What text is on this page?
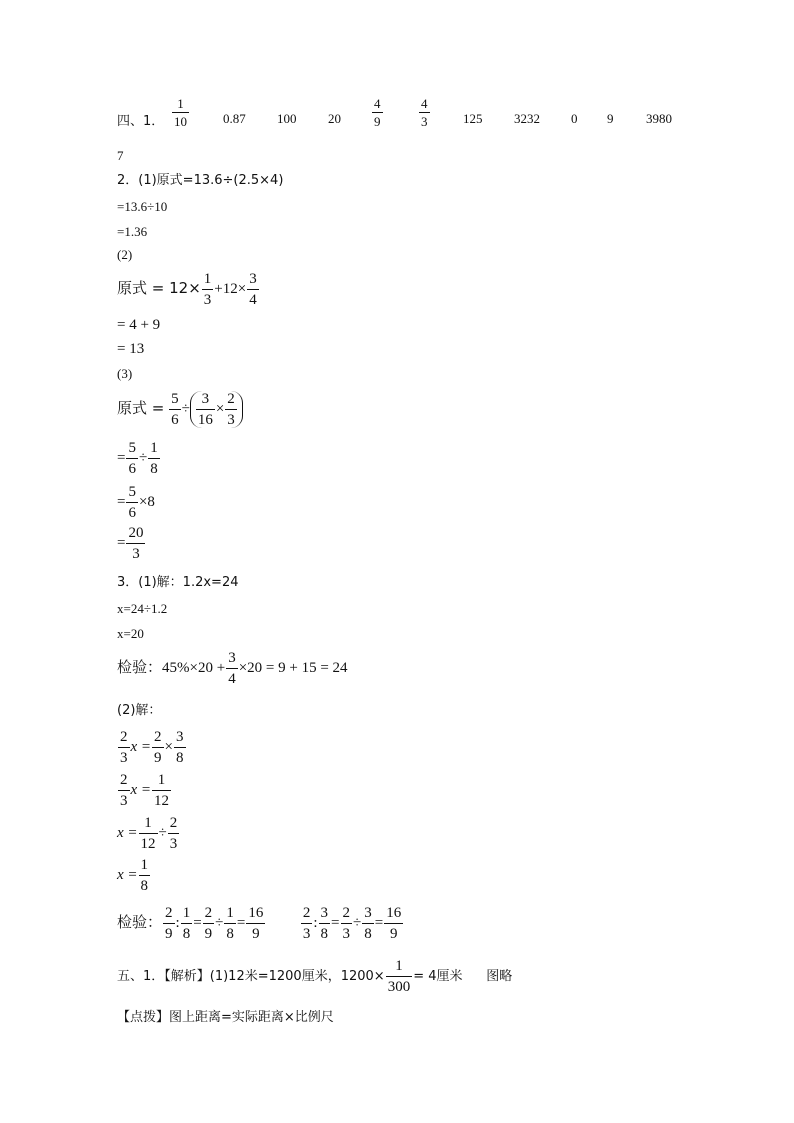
四、1． $\frac{1}{10}$	0.87 100 $20 \frac{4}{9}$	$\frac{4}{3}$	125 3232 0 9	3980
7
2．(1)原式=13.6÷(2.5×4)
=13.6÷10
=1.36
(2)
原式 = $12\times \frac{1}{3} +12\times \frac{3}{4}$
= 4 + 9
= 13
(3)
原式 = $\frac{5}{6} \div \frac{3}{16} \times \frac{2}{3}$
= $\frac{5}{6} \div \frac{1}{8}$
= $\frac{5}{6} \times 8$
= $\frac{20}{3}$
3．(1)解：1.2x=24
x=24÷1.2
x=20
检验：$45\%\times 20 + \frac{3}{4} \times 20 = 9 + 15 = 24$
(2)解：
$\frac{2}{3}$ $x = \frac{2}{9} \times \frac{3}{8}$
$\frac{2}{3}$ $x = \frac{1}{12}$
$x = \frac{1}{12} \div \frac{2}{3}$
$x = \frac{1}{8}$
检验： $\frac{2}{9}$ : $\frac{1}{8} = \frac{2}{9} \div \frac{1}{8} = \frac{16}{9}$
$\frac{2}{3}$ : $\frac{3}{8} = \frac{2}{3} \div \frac{3}{8} = \frac{16}{9}$
五、1．【解析】(1)12米=1200厘米，$1200\times \frac{1}{300} = 4$厘米 图略
【点拨】图上距离=实际距离×比例尺
